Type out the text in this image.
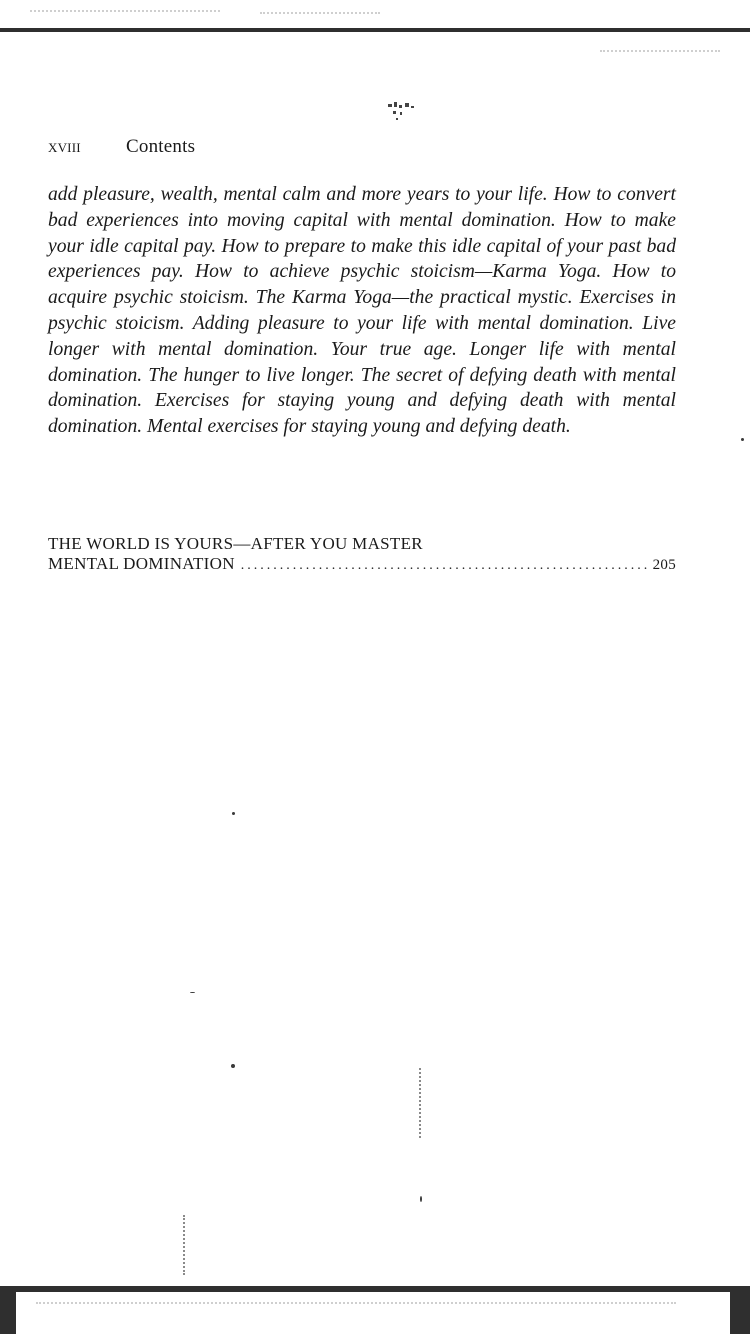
xviii Contents

add pleasure, wealth, mental calm and more years to your life. How to convert bad experiences into moving capital with mental domination. How to make your idle capital pay. How to prepare to make this idle capital of your past bad experiences pay. How to achieve psychic stoicism—Karma Yoga. How to acquire psychic stoicism. The Karma Yoga—the practical mystic. Exercises in psychic stoicism. Adding pleasure to your life with mental domination. Live longer with mental domination. Your true age. Longer life with mental domination. The hunger to live longer. The secret of defying death with mental domination. Exercises for staying young and defying death with mental domination. Mental exercises for staying young and defying death.

THE WORLD IS YOURS—AFTER YOU MASTER
MENTAL DOMINATION
.....	205
